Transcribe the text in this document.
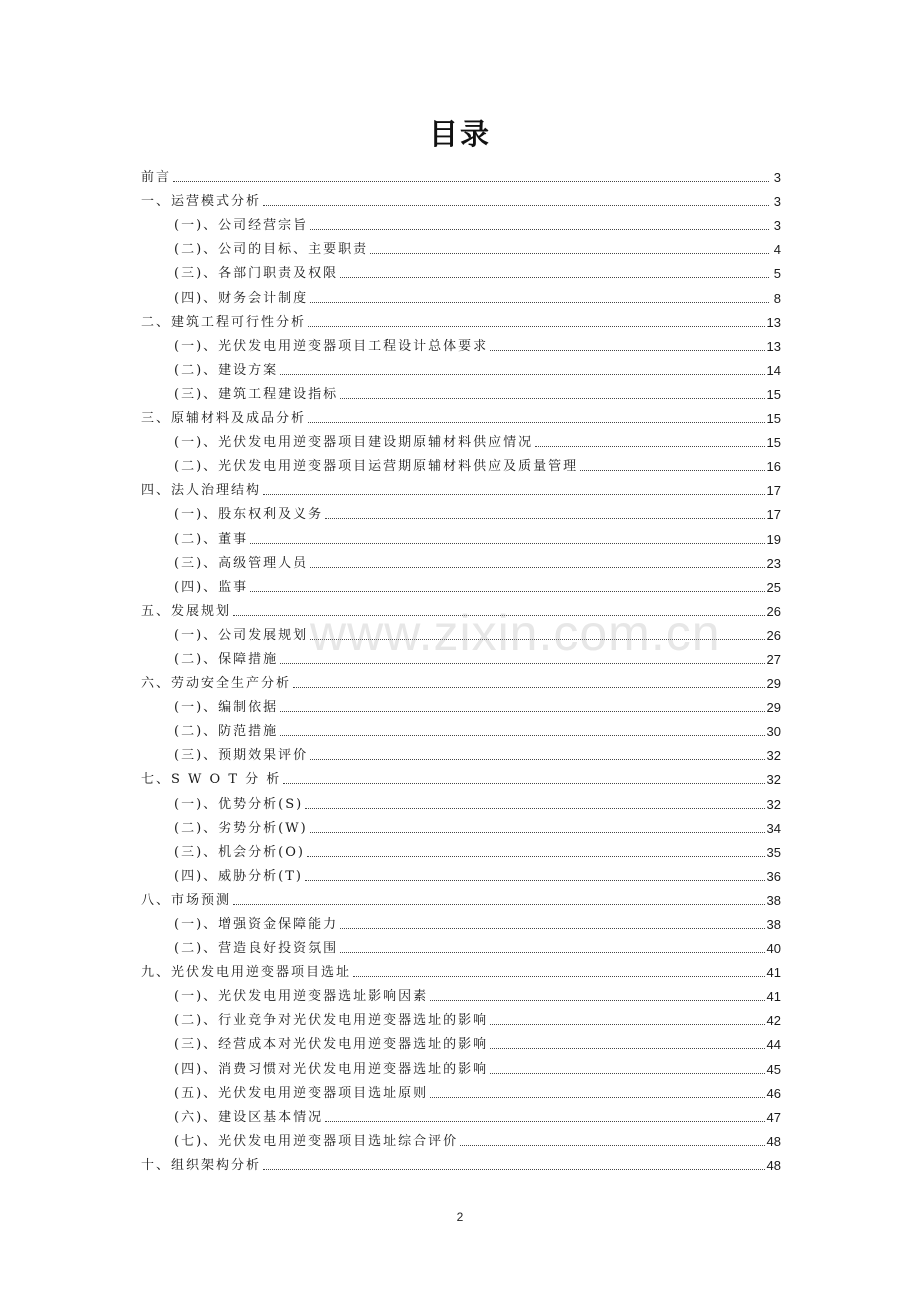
目录
前言	3
一、运营模式分析	3
(一)、公司经营宗旨	3
(二)、公司的目标、主要职责	4
(三)、各部门职责及权限	5
(四)、财务会计制度	8
二、建筑工程可行性分析	13
(一)、光伏发电用逆变器项目工程设计总体要求	13
(二)、建设方案	14
(三)、建筑工程建设指标	15
三、原辅材料及成品分析	15
(一)、光伏发电用逆变器项目建设期原辅材料供应情况	15
(二)、光伏发电用逆变器项目运营期原辅材料供应及质量管理	16
四、法人治理结构	17
(一)、股东权利及义务	17
(二)、董事	19
(三)、高级管理人员	23
(四)、监事	25
五、发展规划	26
(一)、公司发展规划	26
(二)、保障措施	27
六、劳动安全生产分析	29
(一)、编制依据	29
(二)、防范措施	30
(三)、预期效果评价	32
七、S W O T 分 析	32
(一)、优势分析(S)	32
(二)、劣势分析(W)	34
(三)、机会分析(O)	35
(四)、威胁分析(T)	36
八、市场预测	38
(一)、增强资金保障能力	38
(二)、营造良好投资氛围	40
九、光伏发电用逆变器项目选址	41
(一)、光伏发电用逆变器选址影响因素	41
(二)、行业竞争对光伏发电用逆变器选址的影响	42
(三)、经营成本对光伏发电用逆变器选址的影响	44
(四)、消费习惯对光伏发电用逆变器选址的影响	45
(五)、光伏发电用逆变器项目选址原则	46
(六)、建设区基本情况	47
(七)、光伏发电用逆变器项目选址综合评价	48
十、组织架构分析	48
www.zixin.com.cn
2
